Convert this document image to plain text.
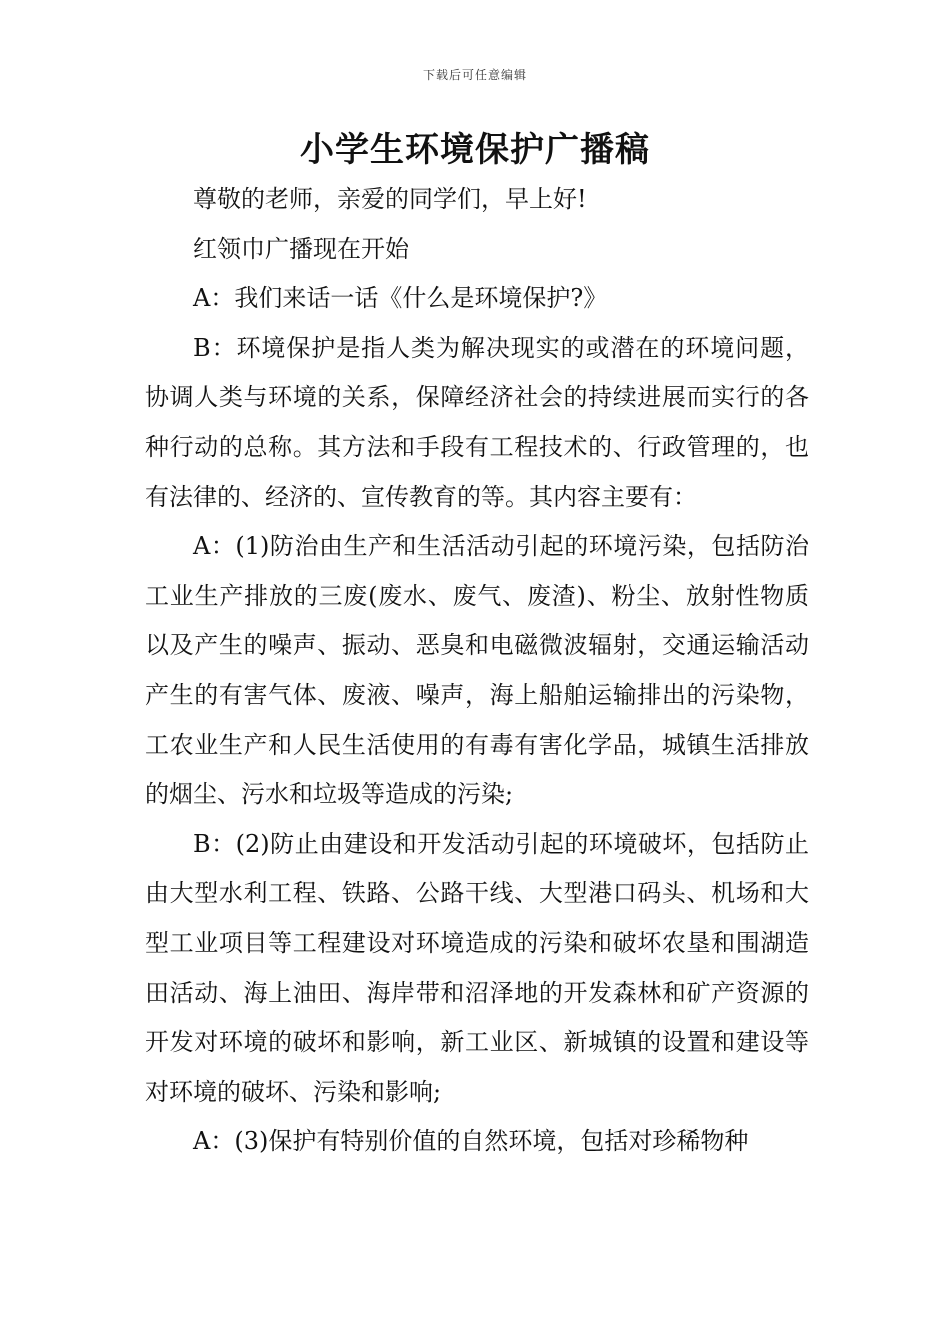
下载后可任意编辑
小学生环境保护广播稿

尊敬的老师，亲爱的同学们，早上好!

红领巾广播现在开始

A：我们来话一话《什么是环境保护?》

B：环境保护是指人类为解决现实的或潜在的环境问题，协调人类与环境的关系，保障经济社会的持续进展而实行的各种行动的总称。其方法和手段有工程技术的、行政管理的，也有法律的、经济的、宣传教育的等。其内容主要有：

A：(1)防治由生产和生活活动引起的环境污染，包括防治工业生产排放的三废(废水、废气、废渣)、粉尘、放射性物质以及产生的噪声、振动、恶臭和电磁微波辐射，交通运输活动产生的有害气体、废液、噪声，海上船舶运输排出的污染物，工农业生产和人民生活使用的有毒有害化学品，城镇生活排放的烟尘、污水和垃圾等造成的污染;

B：(2)防止由建设和开发活动引起的环境破坏，包括防止由大型水利工程、铁路、公路干线、大型港口码头、机场和大型工业项目等工程建设对环境造成的污染和破坏农垦和围湖造田活动、海上油田、海岸带和沼泽地的开发森林和矿产资源的开发对环境的破坏和影响，新工业区、新城镇的设置和建设等对环境的破坏、污染和影响;

A：(3)保护有特别价值的自然环境，包括对珍稀物种
